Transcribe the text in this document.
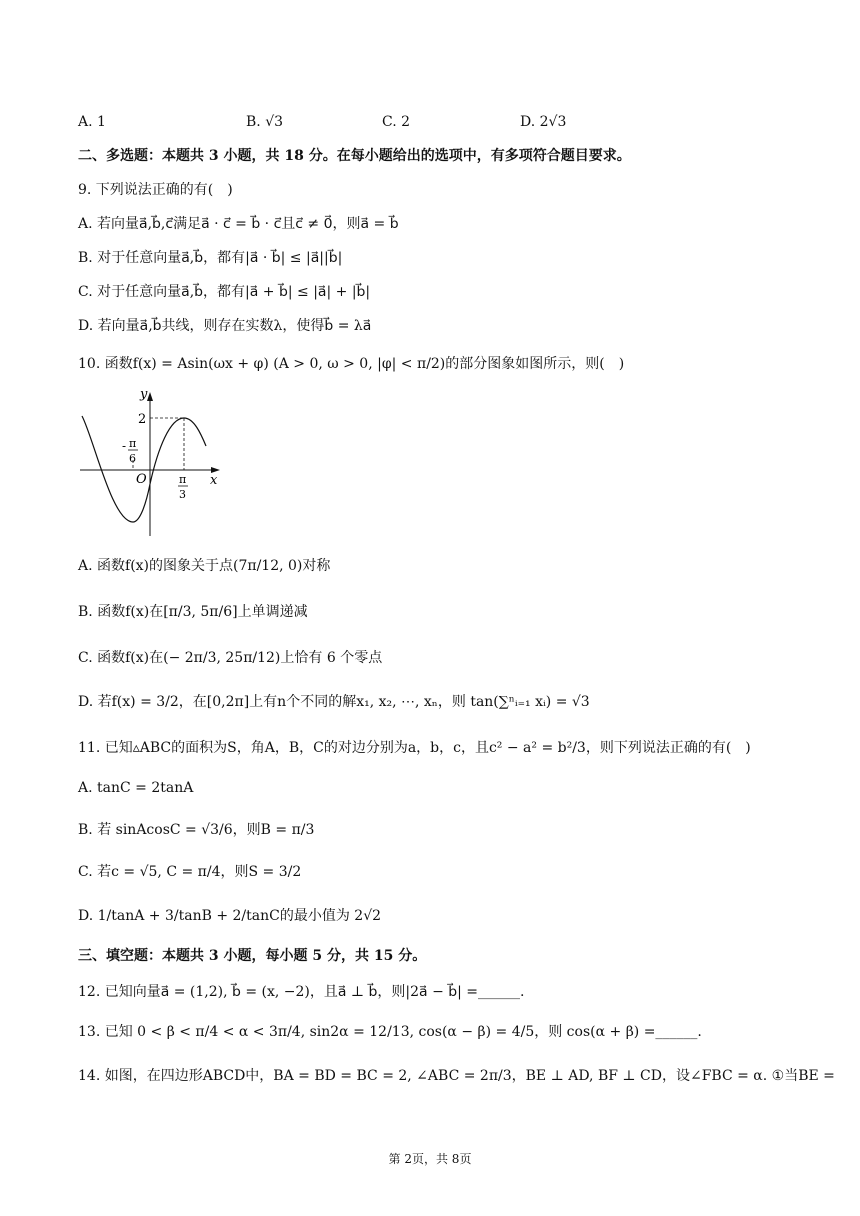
A. 1	B. √3	C. 2	D. 2√3
二、多选题：本题共 3 小题，共 18 分。在每小题给出的选项中，有多项符合题目要求。
9. 下列说法正确的有(　)
A. 若向量a⃗,b⃗,c⃗满足a⃗ · c⃗ = b⃗ · c⃗且c⃗ ≠ 0⃗，则a⃗ = b⃗
B. 对于任意向量a⃗,b⃗，都有|a⃗ · b⃗| ≤ |a⃗||b⃗|
C. 对于任意向量a⃗,b⃗，都有|a⃗ + b⃗| ≤ |a⃗| + |b⃗|
D. 若向量a⃗,b⃗共线，则存在实数λ，使得b⃗ = λa⃗
10. 函数f(x) = Asin(ωx + φ) (A > 0, ω > 0, |φ| < π/2)的部分图象如图所示，则(　)
y
x
O
2
- π
6
π
3
A. 函数f(x)的图象关于点(7π/12, 0)对称
B. 函数f(x)在[π/3, 5π/6]上单调递减
C. 函数f(x)在(− 2π/3, 25π/12)上恰有 6 个零点
D. 若f(x) = 3/2，在[0,2π]上有n个不同的解x₁, x₂, ⋯, xₙ，则 tan(∑ⁿᵢ₌₁ xᵢ) = √3
11. 已知▵ABC的面积为S，角A，B，C的对边分别为a，b，c，且c² − a² = b²/3，则下列说法正确的有(　)
A. tanC = 2tanA
B. 若 sinAcosC = √3/6，则B = π/3
C. 若c = √5, C = π/4，则S = 3/2
D. 1/tanA + 3/tanB + 2/tanC的最小值为 2√2
三、填空题：本题共 3 小题，每小题 5 分，共 15 分。
12. 已知向量a⃗ = (1,2), b⃗ = (x, −2)，且a⃗ ⊥ b⃗，则|2a⃗ − b⃗| =______.
13. 已知 0 < β < π/4 < α < 3π/4, sin2α = 12/13, cos(α − β) = 4/5，则 cos(α + β) =______.
14. 如图，在四边形ABCD中，BA = BD = BC = 2, ∠ABC = 2π/3，BE ⊥ AD, BF ⊥ CD，设∠FBC = α. ①当BE =
第 2页，共 8页
